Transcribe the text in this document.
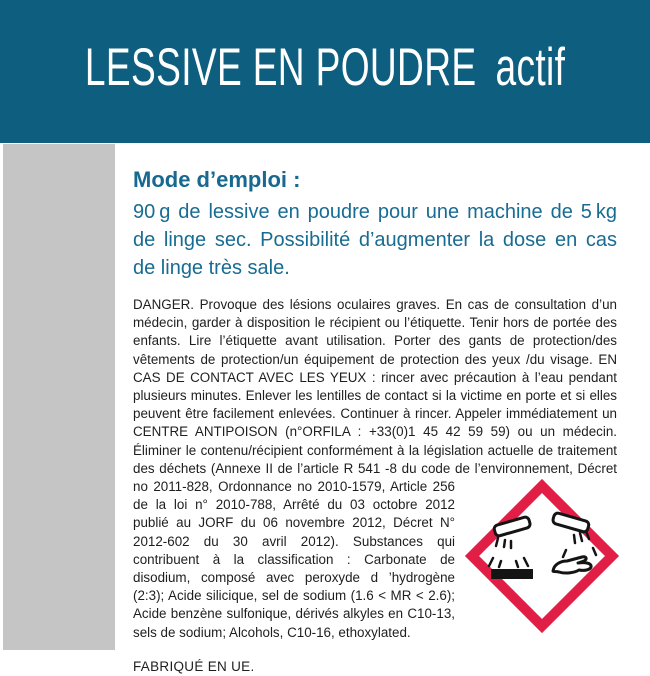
LESSIVE EN POUDRE actif
Mode d’emploi :

90 g de lessive en poudre pour une machine de 5 kg de linge sec. Possibilité d’augmenter la dose en cas de linge très sale.

DANGER. Provoque des lésions oculaires graves. En cas de consultation d’un médecin, garder à disposition le récipient ou l’étiquette. Tenir hors de portée des enfants. Lire l’étiquette avant utilisation. Porter des gants de protection/des vêtements de protection/un équipement de protection des yeux /du visage. EN CAS DE CONTACT AVEC LES YEUX : rincer avec précaution à l’eau pendant plusieurs minutes. Enlever les lentilles de contact si la victime en porte et si elles peuvent être facilement enlevées. Continuer à rincer. Appeler immédiatement un CENTRE ANTIPOISON (n°ORFILA : +33(0)1 45 42 59 59) ou un médecin. Éliminer le contenu/récipient conformément à la législation actuelle de traitement des déchets (Annexe II de l’article R 541 -8 du code de l’environnement, Décret no 2011-828, Ordonnance no 2010-1579, Article 256 de la loi n° 2010-788, Arrêté du 03 octobre 2012 publié au JORF du 06 novembre 2012, Décret N° 2012-602 du 30 avril 2012). Substances qui contribuent à la classification : Carbonate de disodium, composé avec peroxyde d ’hydrogène (2:3); Acide silicique, sel de sodium (1.6 < MR < 2.6); Acide benzène sulfonique, dérivés alkyles en C10-13, sels de sodium; Alcohols, C10-16, ethoxylated.

FABRIQUÉ EN UE.
